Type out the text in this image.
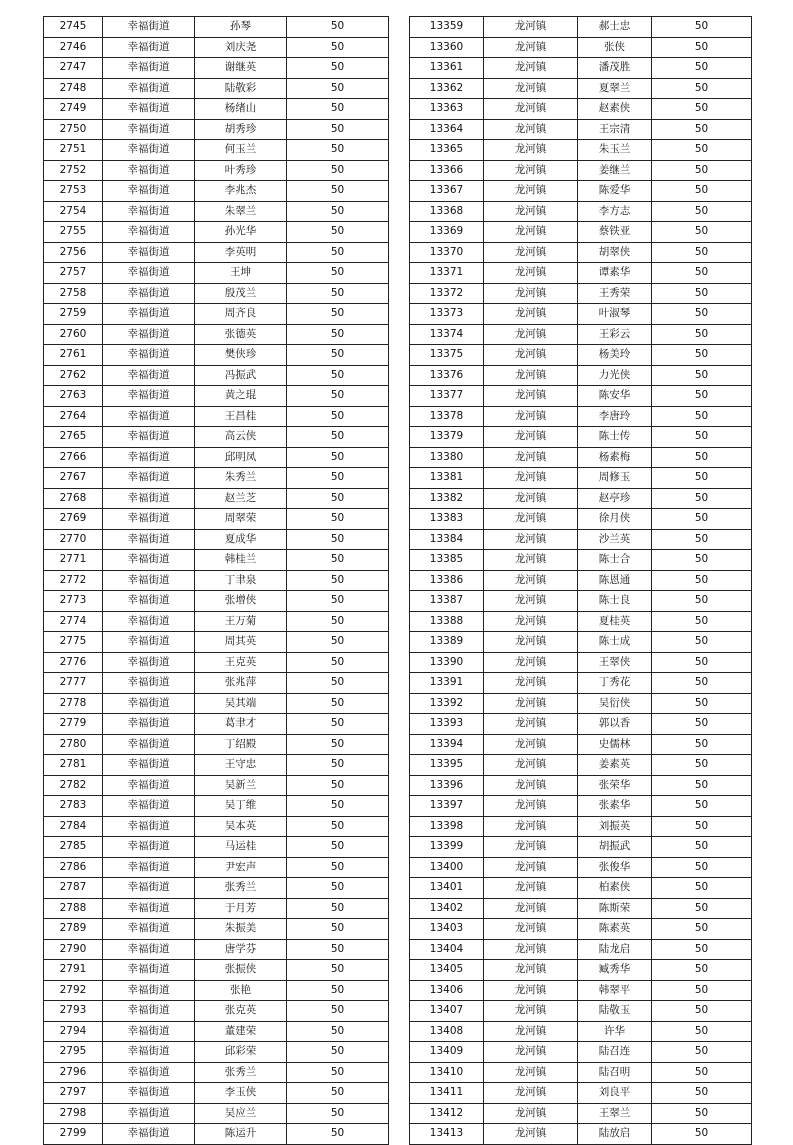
2745	幸福街道	孙琴	50
2746	幸福街道	刘庆尧	50
2747	幸福街道	谢继英	50
2748	幸福街道	陆敬彩	50
2749	幸福街道	杨绪山	50
2750	幸福街道	胡秀珍	50
2751	幸福街道	何玉兰	50
2752	幸福街道	叶秀珍	50
2753	幸福街道	李兆杰	50
2754	幸福街道	朱翠兰	50
2755	幸福街道	孙光华	50
2756	幸福街道	李英明	50
2757	幸福街道	王坤	50
2758	幸福街道	殷茂兰	50
2759	幸福街道	周齐良	50
2760	幸福街道	张德英	50
2761	幸福街道	樊侠珍	50
2762	幸福街道	冯振武	50
2763	幸福街道	黄之琨	50
2764	幸福街道	王昌桂	50
2765	幸福街道	高云侠	50
2766	幸福街道	邱明凤	50
2767	幸福街道	朱秀兰	50
2768	幸福街道	赵兰芝	50
2769	幸福街道	周翠荣	50
2770	幸福街道	夏成华	50
2771	幸福街道	韩桂兰	50
2772	幸福街道	丁聿泉	50
2773	幸福街道	张增侠	50
2774	幸福街道	王万菊	50
2775	幸福街道	周其英	50
2776	幸福街道	王克英	50
2777	幸福街道	张兆萍	50
2778	幸福街道	吴其端	50
2779	幸福街道	葛聿才	50
2780	幸福街道	丁绍殿	50
2781	幸福街道	王守忠	50
2782	幸福街道	吴新兰	50
2783	幸福街道	吴丁维	50
2784	幸福街道	吴本英	50
2785	幸福街道	马运桂	50
2786	幸福街道	尹宏声	50
2787	幸福街道	张秀兰	50
2788	幸福街道	于月芳	50
2789	幸福街道	朱振美	50
2790	幸福街道	唐学芬	50
2791	幸福街道	张振侠	50
2792	幸福街道	张艳	50
2793	幸福街道	张克英	50
2794	幸福街道	董建荣	50
2795	幸福街道	邱彩荣	50
2796	幸福街道	张秀兰	50
2797	幸福街道	李玉侠	50
2798	幸福街道	吴应兰	50
2799	幸福街道	陈运升	50
13359	龙河镇	郝士忠	50
13360	龙河镇	张侠	50
13361	龙河镇	潘茂胜	50
13362	龙河镇	夏翠兰	50
13363	龙河镇	赵素侠	50
13364	龙河镇	王宗清	50
13365	龙河镇	朱玉兰	50
13366	龙河镇	姜继兰	50
13367	龙河镇	陈爱华	50
13368	龙河镇	李方志	50
13369	龙河镇	蔡铁亚	50
13370	龙河镇	胡翠侠	50
13371	龙河镇	谭素华	50
13372	龙河镇	王秀荣	50
13373	龙河镇	叶淑琴	50
13374	龙河镇	王彩云	50
13375	龙河镇	杨美玲	50
13376	龙河镇	力光侠	50
13377	龙河镇	陈安华	50
13378	龙河镇	李唐玲	50
13379	龙河镇	陈士传	50
13380	龙河镇	杨素梅	50
13381	龙河镇	周修玉	50
13382	龙河镇	赵亭珍	50
13383	龙河镇	徐月侠	50
13384	龙河镇	沙兰英	50
13385	龙河镇	陈士合	50
13386	龙河镇	陈恩通	50
13387	龙河镇	陈士良	50
13388	龙河镇	夏桂英	50
13389	龙河镇	陈士成	50
13390	龙河镇	王翠侠	50
13391	龙河镇	丁秀花	50
13392	龙河镇	吴衍侠	50
13393	龙河镇	郭以香	50
13394	龙河镇	史儒林	50
13395	龙河镇	姜素英	50
13396	龙河镇	张荣华	50
13397	龙河镇	张素华	50
13398	龙河镇	刘振英	50
13399	龙河镇	胡振武	50
13400	龙河镇	张俊华	50
13401	龙河镇	柏素侠	50
13402	龙河镇	陈斯荣	50
13403	龙河镇	陈素英	50
13404	龙河镇	陆龙启	50
13405	龙河镇	臧秀华	50
13406	龙河镇	韩翠平	50
13407	龙河镇	陆敬玉	50
13408	龙河镇	许华	50
13409	龙河镇	陆召连	50
13410	龙河镇	陆召明	50
13411	龙河镇	刘良平	50
13412	龙河镇	王翠兰	50
13413	龙河镇	陆放启	50
